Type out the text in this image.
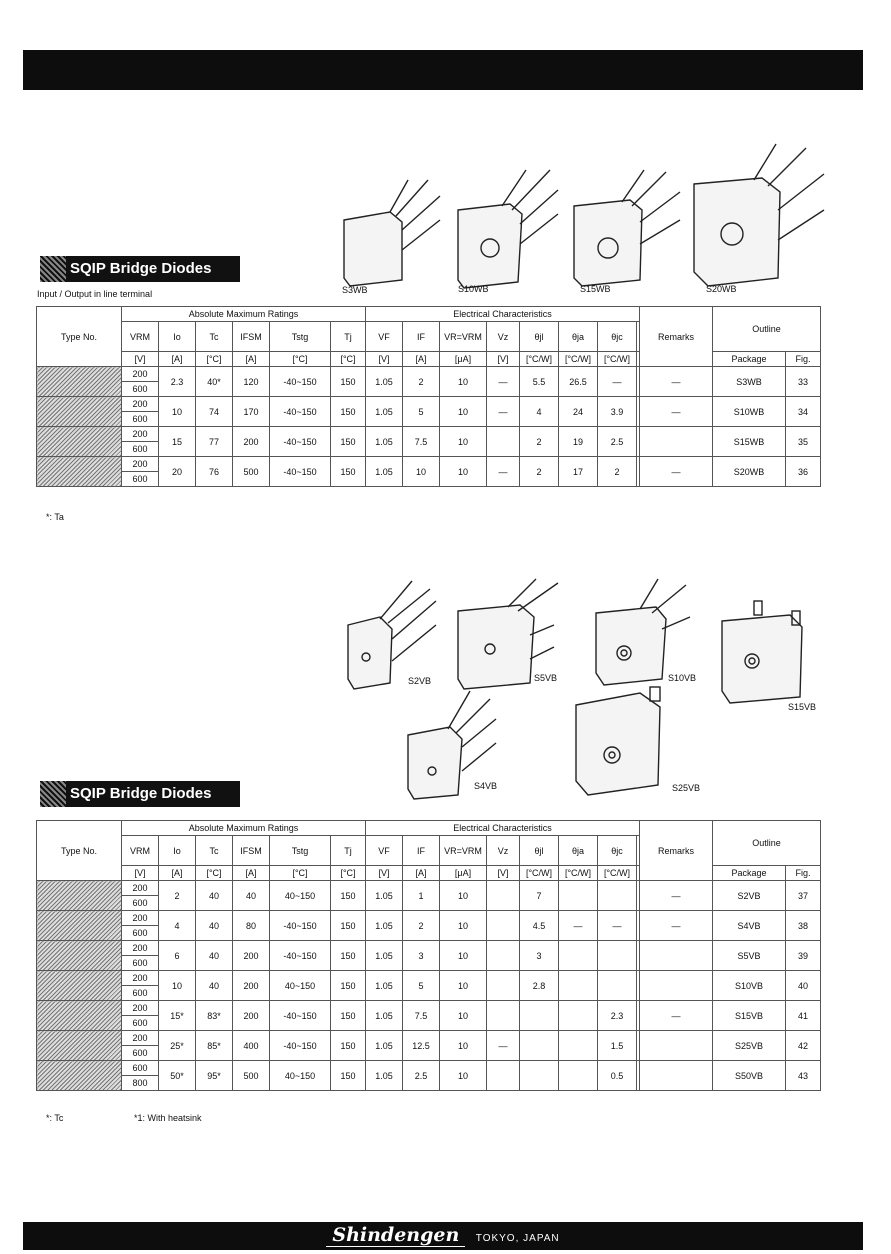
S3WB	S10WB	S15WB	S20WB
SQIP Bridge Diodes
Input / Output in line terminal
Type No.	Absolute Maximum Ratings						Electrical Characteristics								Remarks	Outline	
	VRM	Io	Tc	IFSM	Tstg	Tj	VF	IF	VR=VRM	Vz	θjl	θja	θjc				
	[V]	[A]	[°C]	[A]	[°C]	[°C]	[V]	[A]	[μA]	[V]	[°C/W]	[°C/W]	[°C/W]			Package	Fig.
	200	2.3	40*	120	-40~150	150	1.05	2	10	—	5.5	26.5	—		—	S3WB	33
	600																
	200	10	74	170	-40~150	150	1.05	5	10	—	4	24	3.9		—	S10WB	34
	600																
	200	15	77	200	-40~150	150	1.05	7.5	10		2	19	2.5			S15WB	35
	600																
	200	20	76	500	-40~150	150	1.05	10	10	—	2	17	2		—	S20WB	36
	600																
*: Ta
S2VB	S5VB	S10VB
S15VB
S4VB	S25VB
SQIP Bridge Diodes
Type No.	Absolute Maximum Ratings						Electrical Characteristics								Remarks	Outline	
	VRM	Io	Tc	IFSM	Tstg	Tj	VF	IF	VR=VRM	Vz	θjl	θja	θjc				
	[V]	[A]	[°C]	[A]	[°C]	[°C]	[V]	[A]	[μA]	[V]	[°C/W]	[°C/W]	[°C/W]			Package	Fig.
	200	2	40	40	40~150	150	1.05	1	10		7				—	S2VB	37
	600																
	200	4	40	80	-40~150	150	1.05	2	10		4.5	—	—		—	S4VB	38
	600																
	200	6	40	200	-40~150	150	1.05	3	10		3					S5VB	39
	600																
	200	10	40	200	40~150	150	1.05	5	10		2.8					S10VB	40
	600																
	200	15*	83*	200	-40~150	150	1.05	7.5	10				2.3		—	S15VB	41
	600																
	200	25*	85*	400	-40~150	150	1.05	12.5	10	—			1.5			S25VB	42
	600																
	600	50*	95*	500	40~150	150	1.05	2.5	10				0.5			S50VB	43
	800																
*: Tc	*1: With heatsink
Shindengen TOKYO, JAPAN
